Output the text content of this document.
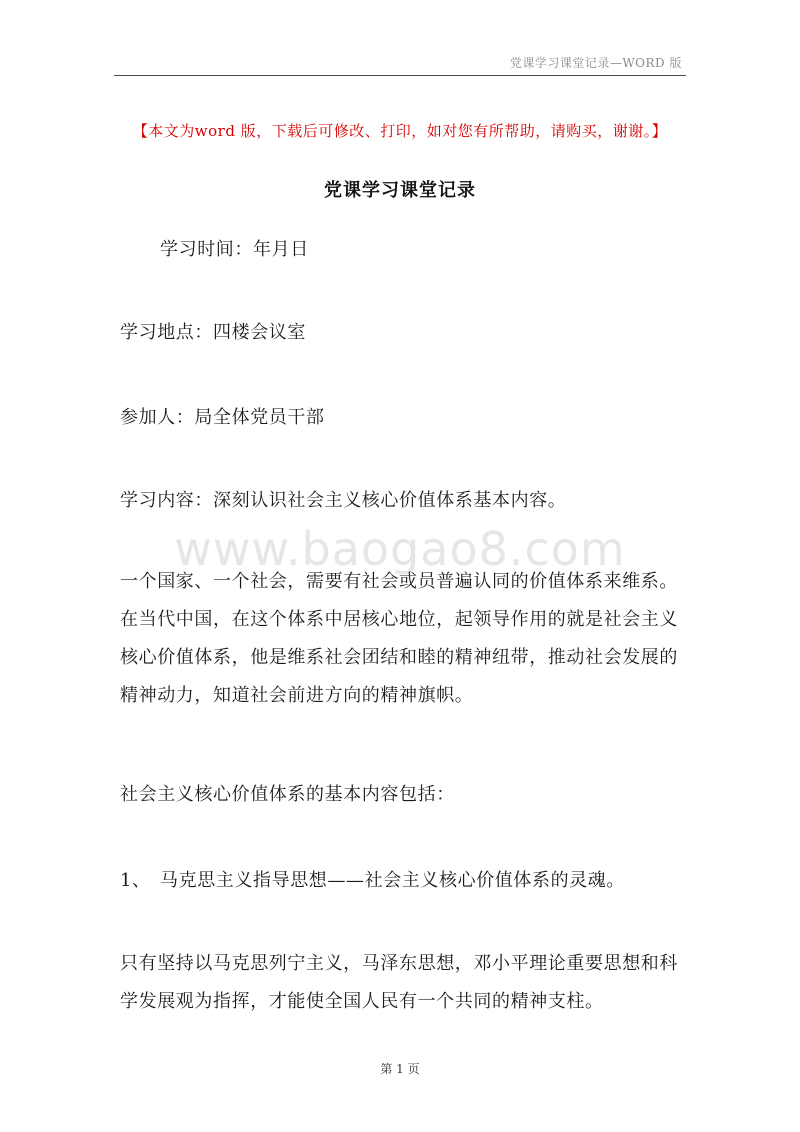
党课学习课堂记录—WORD 版
【本文为word 版，下载后可修改、打印，如对您有所帮助，请购买，谢谢。】
党课学习课堂记录
学习时间：年月日
学习地点：四楼会议室
参加人：局全体党员干部
学习内容：深刻认识社会主义核心价值体系基本内容。
www.baogao8.com
一个国家、一个社会，需要有社会或员普遍认同的价值体系来维系。
在当代中国，在这个体系中居核心地位，起领导作用的就是社会主义
核心价值体系，他是维系社会团结和睦的精神纽带，推动社会发展的
精神动力，知道社会前进方向的精神旗帜。
社会主义核心价值体系的基本内容包括：
1、 马克思主义指导思想——社会主义核心价值体系的灵魂。
只有坚持以马克思列宁主义，马泽东思想，邓小平理论重要思想和科
学发展观为指挥，才能使全国人民有一个共同的精神支柱。
第 1 页
